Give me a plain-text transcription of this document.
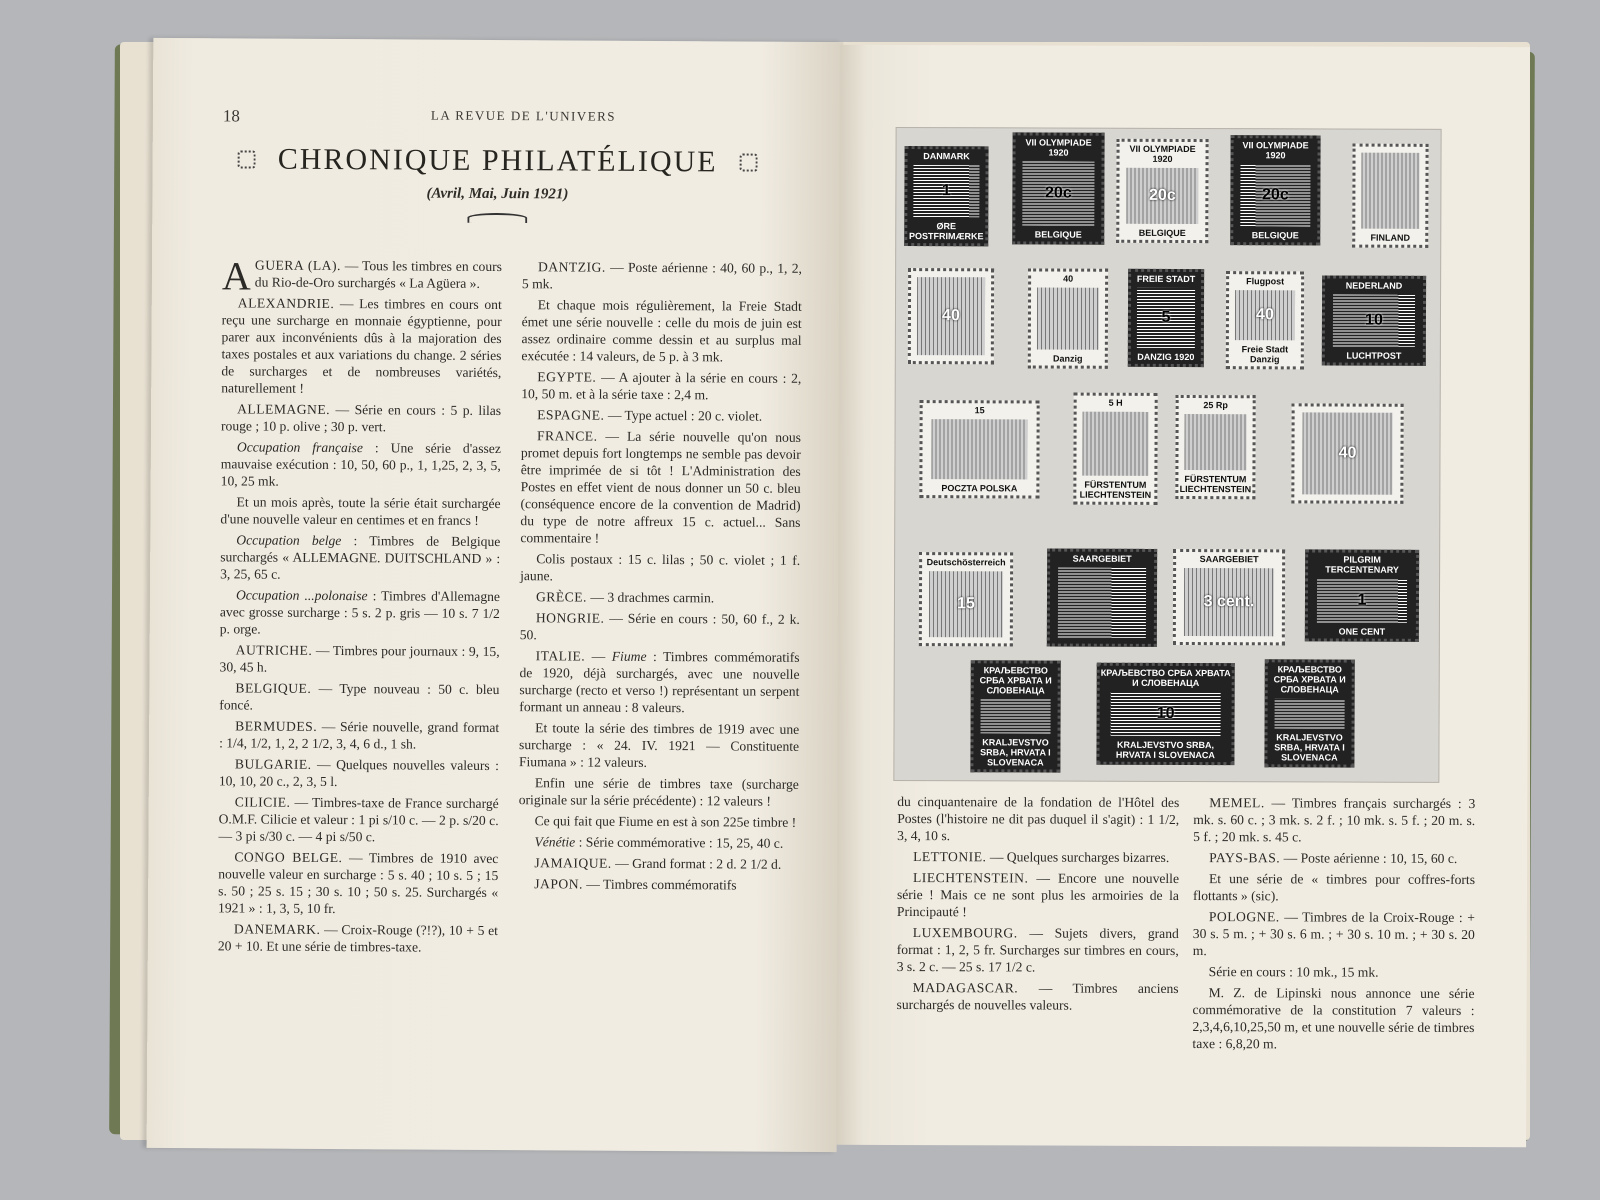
18	LA REVUE DE L'UNIVERS
CHRONIQUE PHILATÉLIQUE
(Avril, Mai, Juin 1921)

AGUERA (LA). — Tous les timbres en cours du Rio-de-Oro surchargés « La Agüera ».

ALEXANDRIE. — Les timbres en cours ont reçu une surcharge en monnaie égyptienne, pour parer aux inconvénients dûs à la majoration des taxes postales et aux variations du change. 2 séries de surcharges et de nombreuses variétés, naturellement !

ALLEMAGNE. — Série en cours : 5 p. lilas rouge ; 10 p. olive ; 30 p. vert.

Occupation française : Une série d'assez mauvaise exécution : 10, 50, 60 p., 1, 1,25, 2, 3, 5, 10, 25 mk.

Et un mois après, toute la série était surchargée d'une nouvelle valeur en centimes et en francs !

Occupation belge : Timbres de Belgique surchargés « ALLEMAGNE. DUITSCHLAND » : 3, 25, 65 c.

Occupation ...polonaise : Timbres d'Allemagne avec grosse surcharge : 5 s. 2 p. gris — 10 s. 7 1/2 p. orge.

AUTRICHE. — Timbres pour journaux : 9, 15, 30, 45 h.

BELGIQUE. — Type nouveau : 50 c. bleu foncé.

BERMUDES. — Série nouvelle, grand format : 1/4, 1/2, 1, 2, 2 1/2, 3, 4, 6 d., 1 sh.

BULGARIE. — Quelques nouvelles valeurs : 10, 10, 20 c., 2, 3, 5 l.

CILICIE. — Timbres-taxe de France surchargé O.M.F. Cilicie et valeur : 1 pi s/10 c. — 2 p. s/20 c. — 3 pi s/30 c. — 4 pi s/50 c.

CONGO BELGE. — Timbres de 1910 avec nouvelle valeur en surcharge : 5 s. 40 ; 10 s. 5 ; 15 s. 50 ; 25 s. 15 ; 30 s. 10 ; 50 s. 25. Surchargés « 1921 » : 1, 3, 5, 10 fr.

DANEMARK. — Croix-Rouge (?!?), 10 + 5 et 20 + 10. Et une série de timbres-taxe.

DANTZIG. — Poste aérienne : 40, 60 p., 1, 2, 5 mk.

Et chaque mois régulièrement, la Freie Stadt émet une série nouvelle : celle du mois de juin est assez ordinaire comme dessin et au surplus mal exécutée : 14 valeurs, de 5 p. à 3 mk.

EGYPTE. — A ajouter à la série en cours : 2, 10, 50 m. et à la série taxe : 2,4 m.

ESPAGNE. — Type actuel : 20 c. violet.

FRANCE. — La série nouvelle qu'on nous promet depuis fort longtemps ne semble pas devoir être imprimée de si tôt ! L'Administration des Postes en effet vient de nous donner un 50 c. bleu (conséquence encore de la convention de Madrid) du type de notre affreux 15 c. actuel... Sans commentaire !

Colis postaux : 15 c. lilas ; 50 c. violet ; 1 f. jaune.

GRÈCE. — 3 drachmes carmin.

HONGRIE. — Série en cours : 50, 60 f., 2 k. 50.

ITALIE. — Fiume : Timbres commémoratifs de 1920, déjà surchargés, avec une nouvelle surcharge (recto et verso !) représentant un serpent formant un anneau : 8 valeurs.

Et toute la série des timbres de 1919 avec une surcharge : « 24. IV. 1921 — Constituente Fiumana » : 12 valeurs.

Enfin une série de timbres taxe (surcharge originale sur la série précédente) : 12 valeurs !

Ce qui fait que Fiume en est à son 225e timbre !

Vénétie : Série commémorative : 15, 25, 40 c.

JAMAIQUE. — Grand format : 2 d. 2 1/2 d.

JAPON. — Timbres commémoratifs

DANMARK
1
ØRE POSTFRIMÆRKE
VII OLYMPIADE 1920
20c
BELGIQUE
VII OLYMPIADE 1920
20c
BELGIQUE
VII OLYMPIADE 1920
20c
BELGIQUE	FINLAND
40
40
Danzig
FREIE STADT
5
DANZIG 1920
Flugpost
40
Freie Stadt Danzig
NEDERLAND
10
LUCHTPOST
15
POCZTA POLSKA
5 H
FÜRSTENTUM LIECHTENSTEIN
25 Rp
FÜRSTENTUM LIECHTENSTEIN
40
Deutschösterreich
15
SAARGEBIET	SAARGEBIET
3 cent.
PILGRIM TERCENTENARY
1
ONE CENT
КРАЉЕВСТВО СРБА ХРВАТА И СЛОВЕНАЦА
KRALJEVSTVO SRBA, HRVATA I SLOVENACA
КРАЉЕВСТВО СРБА ХРВАТА И СЛОВЕНАЦА
10
KRALJEVSTVO SRBA, HRVATA I SLOVENACA
КРАЉЕВСТВО СРБА ХРВАТА И СЛОВЕНАЦА
KRALJEVSTVO SRBA, HRVATA I SLOVENACA

du cinquantenaire de la fondation de l'Hôtel des Postes (l'histoire ne dit pas duquel il s'agit) : 1 1/2, 3, 4, 10 s.

LETTONIE. — Quelques surcharges bizarres.

LIECHTENSTEIN. — Encore une nouvelle série ! Mais ce ne sont plus les armoiries de la Principauté !

LUXEMBOURG. — Sujets divers, grand format : 1, 2, 5 fr. Surcharges sur timbres en cours, 3 s. 2 c. — 25 s. 17 1/2 c.

MADAGASCAR. — Timbres anciens surchargés de nouvelles valeurs.

MEMEL. — Timbres français surchargés : 3 mk. s. 60 c. ; 3 mk. s. 2 f. ; 10 mk. s. 5 f. ; 20 m. s. 5 f. ; 20 mk. s. 45 c.

PAYS-BAS. — Poste aérienne : 10, 15, 60 c.

Et une série de « timbres pour coffres-forts flottants » (sic).

POLOGNE. — Timbres de la Croix-Rouge : + 30 s. 5 m. ; + 30 s. 6 m. ; + 30 s. 10 m. ; + 30 s. 20 m.

Série en cours : 10 mk., 15 mk.

M. Z. de Lipinski nous annonce une série commémorative de la constitution 7 valeurs : 2,3,4,6,10,25,50 m, et une nouvelle série de timbres taxe : 6,8,20 m.
